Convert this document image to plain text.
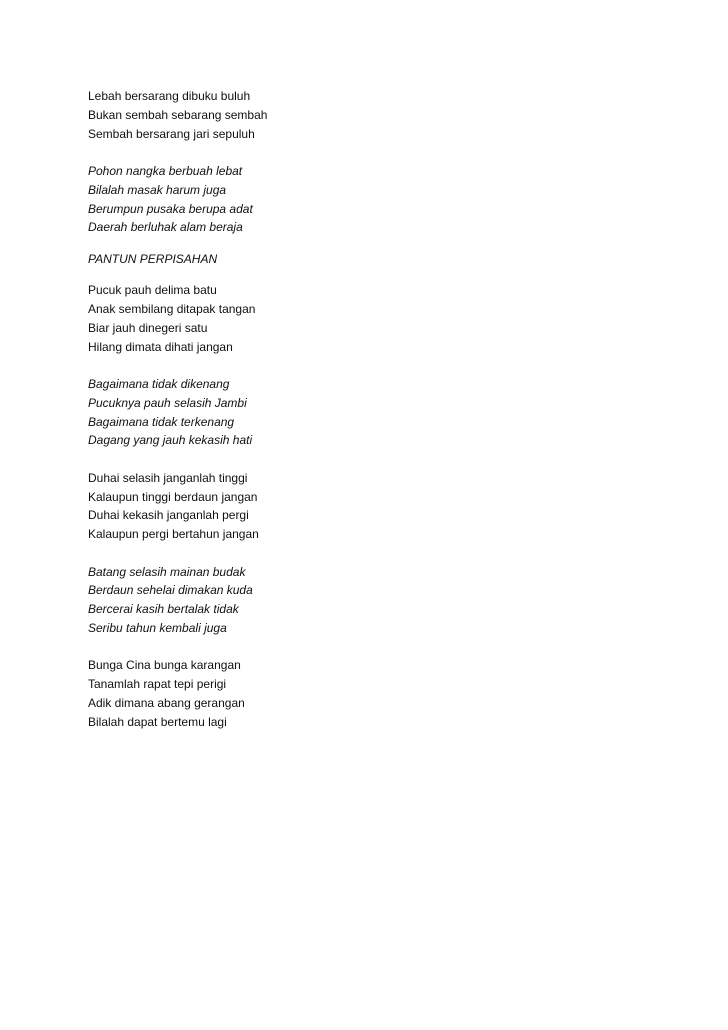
Lebah bersarang dibuku buluh
Bukan sembah sebarang sembah
Sembah bersarang jari sepuluh
Pohon nangka berbuah lebat
Bilalah masak harum juga
Berumpun pusaka berupa adat
Daerah berluhak alam beraja
PANTUN PERPISAHAN
Pucuk pauh delima batu
Anak sembilang ditapak tangan
Biar jauh dinegeri satu
Hilang dimata dihati jangan
Bagaimana tidak dikenang
Pucuknya pauh selasih Jambi
Bagaimana tidak terkenang
Dagang yang jauh kekasih hati
Duhai selasih janganlah tinggi
Kalaupun tinggi berdaun jangan
Duhai kekasih janganlah pergi
Kalaupun pergi bertahun jangan
Batang selasih mainan budak
Berdaun sehelai dimakan kuda
Bercerai kasih bertalak tidak
Seribu tahun kembali juga
Bunga Cina bunga karangan
Tanamlah rapat tepi perigi
Adik dimana abang gerangan
Bilalah dapat bertemu lagi
